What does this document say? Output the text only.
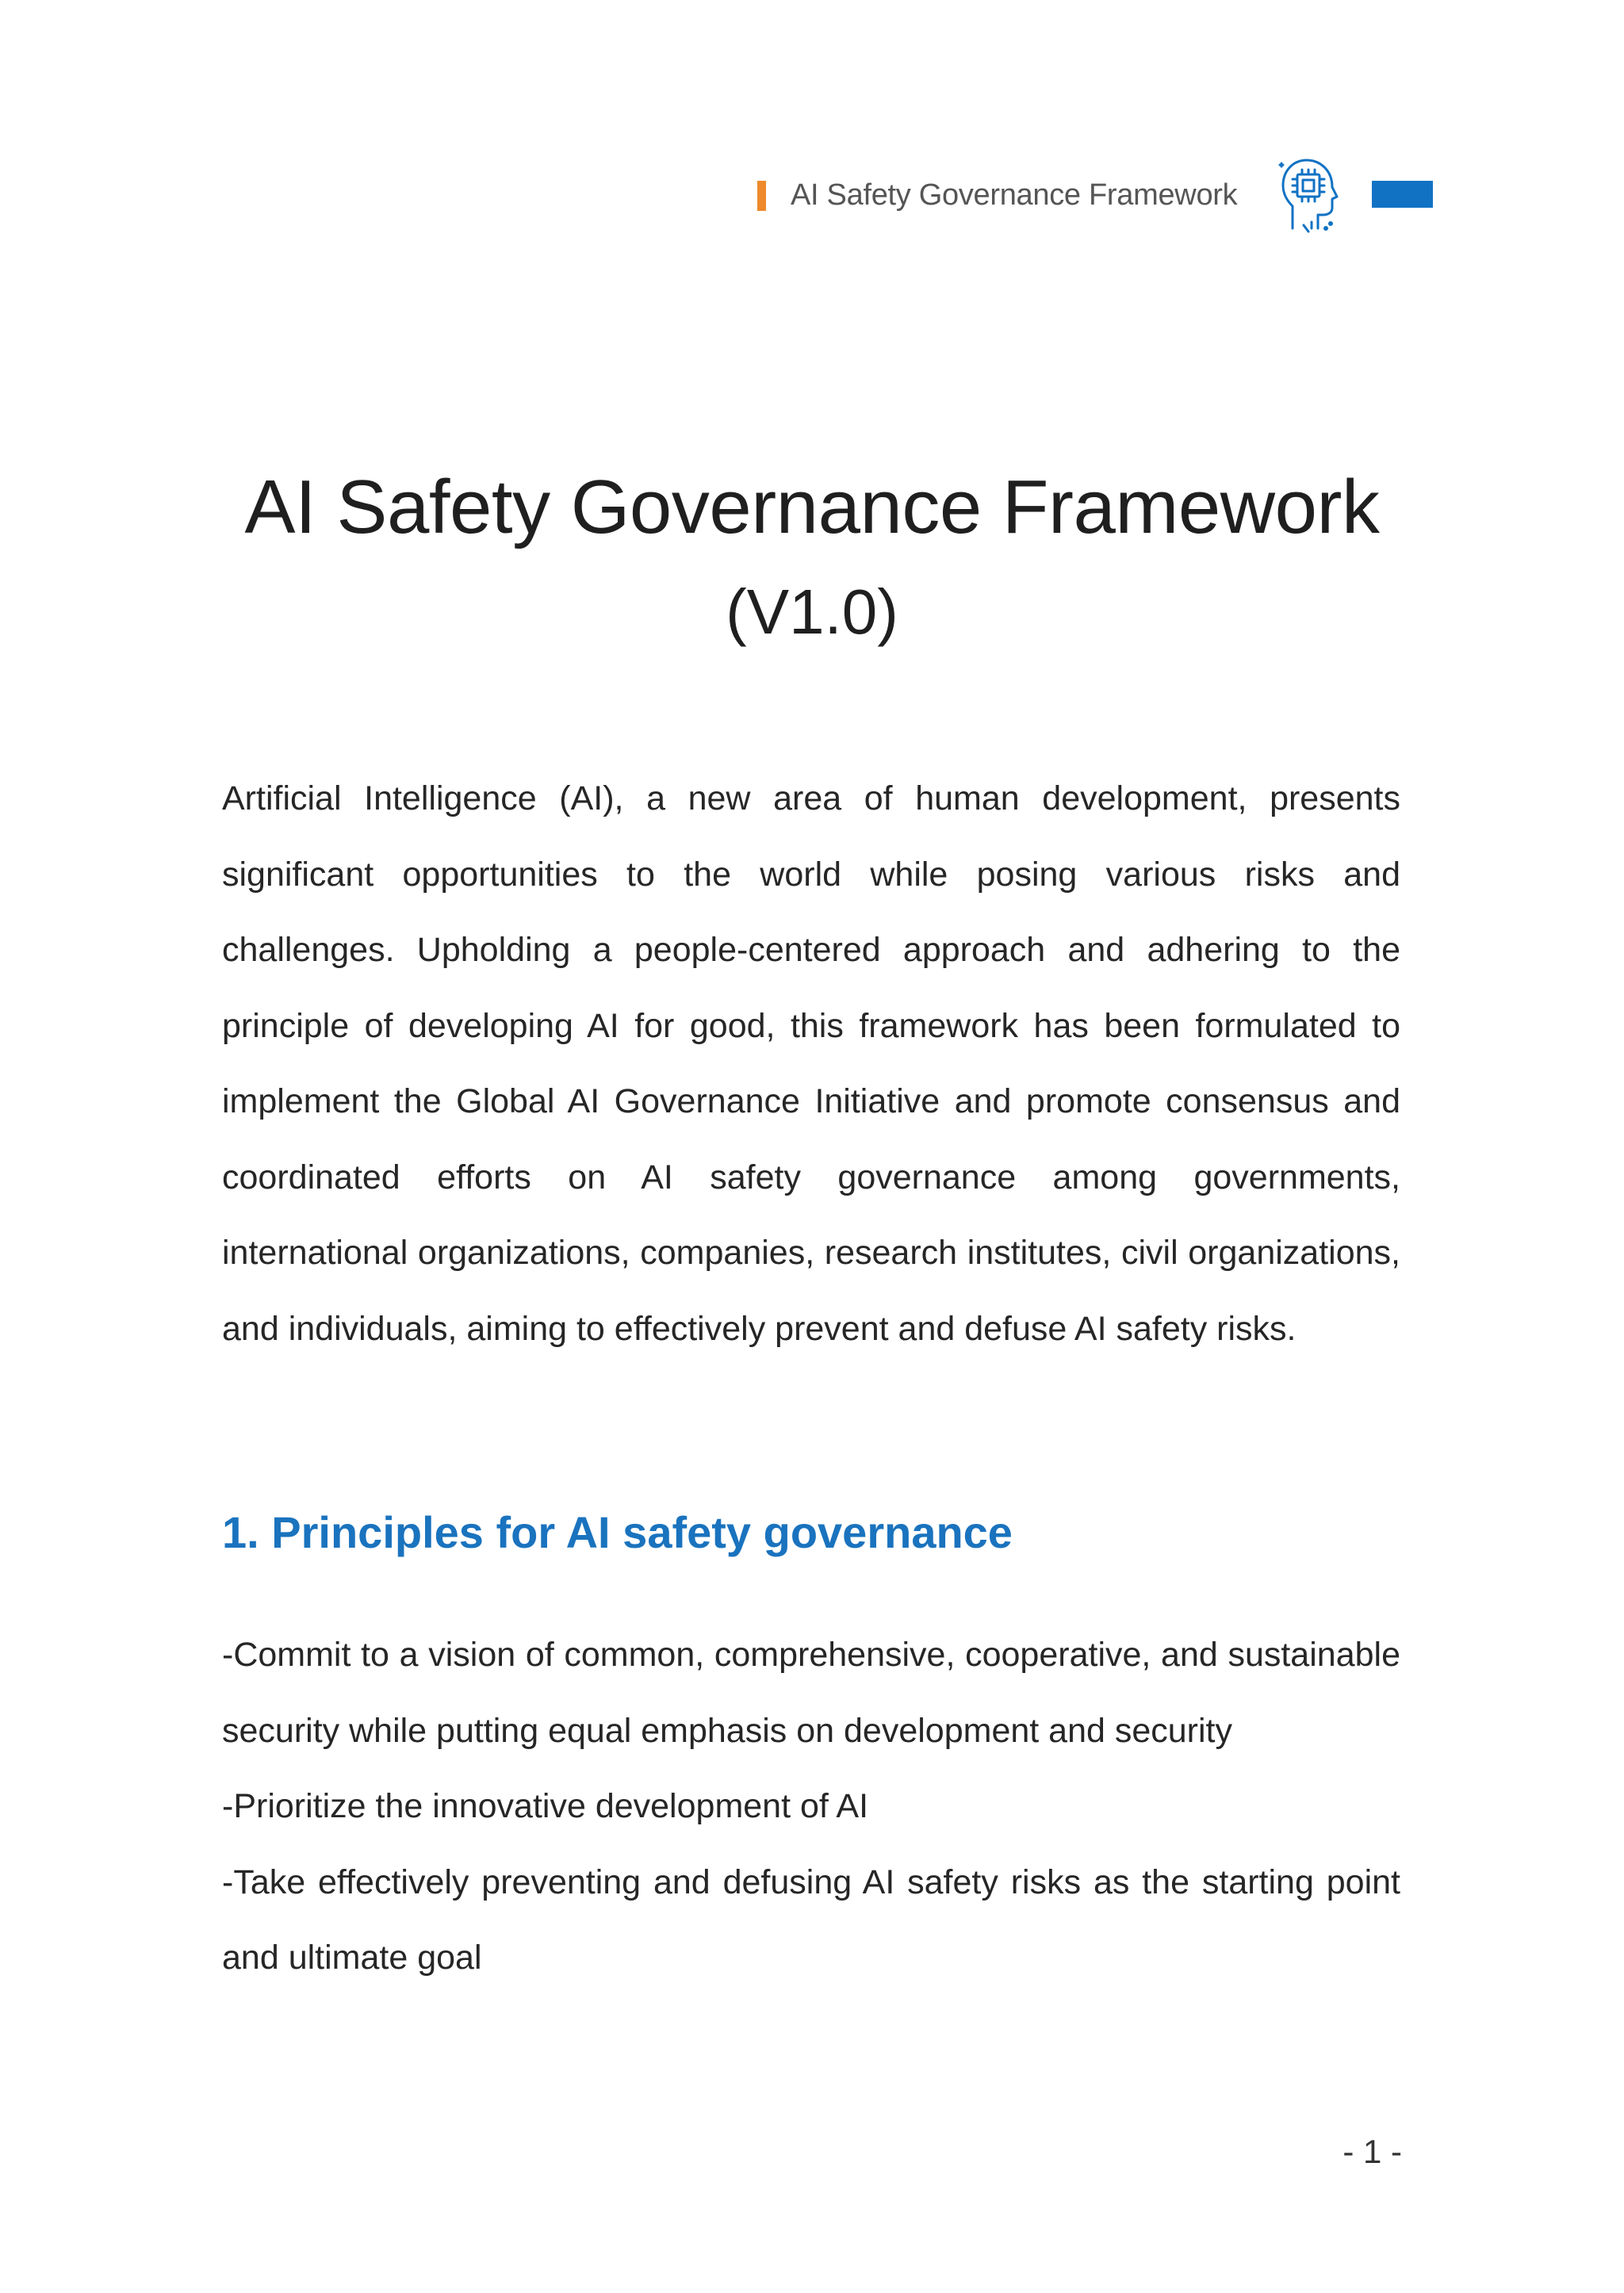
AI Safety Governance Framework
AI Safety Governance Framework
(V1.0)

Artificial Intelligence (AI), a new area of human development, presents significant opportunities to the world while posing various risks and challenges. Upholding a people-centered approach and adhering to the principle of developing AI for good, this framework has been formulated to implement the Global AI Governance Initiative and promote consensus and coordinated efforts on AI safety governance among governments, international organizations, companies, research institutes, civil organizations, and individuals, aiming to effectively prevent and defuse AI safety risks.

1. Principles for AI safety governance
-Commit to a vision of common, comprehensive, cooperative, and sustainable security while putting equal emphasis on development and security
-Prioritize the innovative development of AI
-Take effectively preventing and defusing AI safety risks as the starting point and ultimate goal
- 1 -
